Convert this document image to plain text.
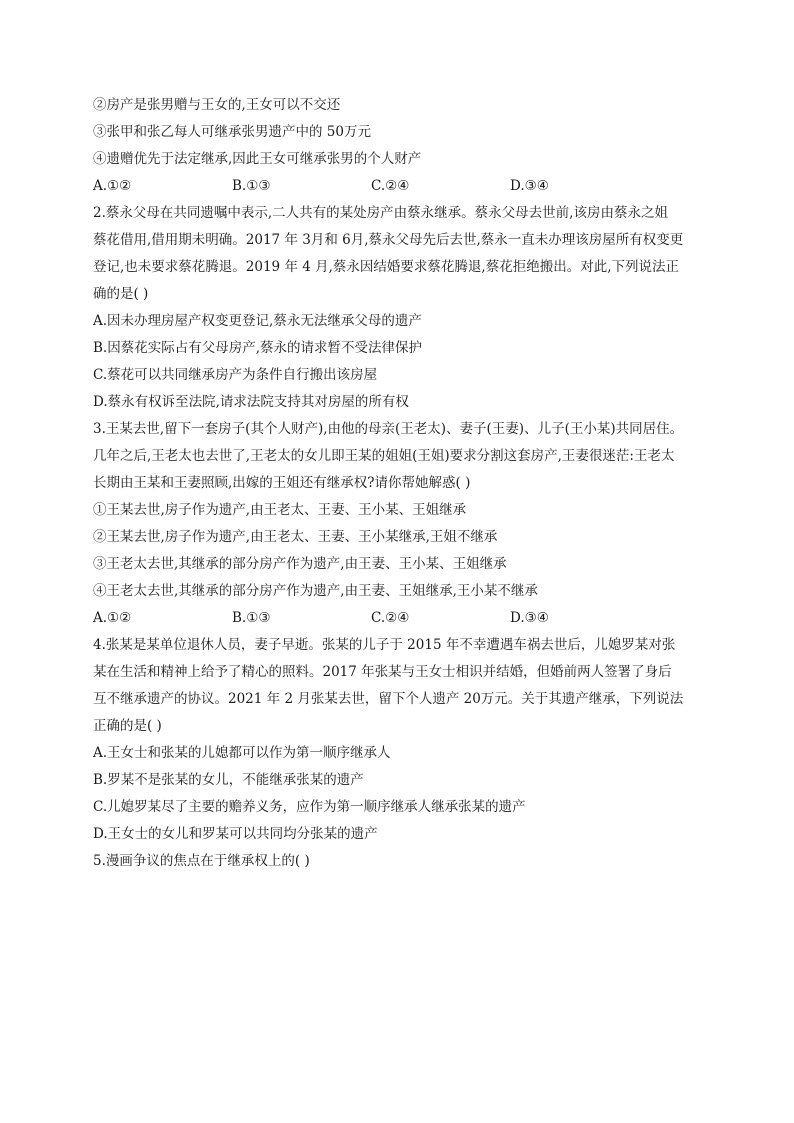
②房产是张男赠与王女的,王女可以不交还
③张甲和张乙每人可继承张男遗产中的 50万元
④遗赠优先于法定继承,因此王女可继承张男的个人财产
A.①②	B.①③	C.②④	D.③④
2.蔡永父母在共同遗嘱中表示,二人共有的某处房产由蔡永继承。蔡永父母去世前,该房由蔡永之姐
蔡花借用,借用期未明确。2017 年 3月和 6月,蔡永父母先后去世,蔡永一直未办理该房屋所有权变更
登记,也未要求蔡花腾退。2019 年 4 月,蔡永因结婚要求蔡花腾退,蔡花拒绝搬出。对此,下列说法正
确的是( )
A.因未办理房屋产权变更登记,蔡永无法继承父母的遗产
B.因蔡花实际占有父母房产,蔡永的请求暂不受法律保护
C.蔡花可以共同继承房产为条件自行搬出该房屋
D.蔡永有权诉至法院,请求法院支持其对房屋的所有权
3.王某去世,留下一套房子(其个人财产),由他的母亲(王老太)、妻子(王妻)、儿子(王小某)共同居住。
几年之后,王老太也去世了,王老太的女儿即王某的姐姐(王姐)要求分割这套房产,王妻很迷茫:王老太
长期由王某和王妻照顾,出嫁的王姐还有继承权?请你帮她解惑( )
①王某去世,房子作为遗产,由王老太、王妻、王小某、王姐继承
②王某去世,房子作为遗产,由王老太、王妻、王小某继承,王姐不继承
③王老太去世,其继承的部分房产作为遗产,由王妻、王小某、王姐继承
④王老太去世,其继承的部分房产作为遗产,由王妻、王姐继承,王小某不继承
A.①②	B.①③	C.②④	D.③④
4.张某是某单位退休人员，妻子早逝。张某的儿子于 2015 年不幸遭遇车祸去世后，儿媳罗某对张
某在生活和精神上给予了精心的照料。2017 年张某与王女士相识并结婚，但婚前两人签署了身后
互不继承遗产的协议。2021 年 2 月张某去世，留下个人遗产 20万元。关于其遗产继承，下列说法
正确的是( )
A.王女士和张某的儿媳都可以作为第一顺序继承人
B.罗某不是张某的女儿，不能继承张某的遗产
C.儿媳罗某尽了主要的赡养义务，应作为第一顺序继承人继承张某的遗产
D.王女士的女儿和罗某可以共同均分张某的遗产
5.漫画争议的焦点在于继承权上的( )
